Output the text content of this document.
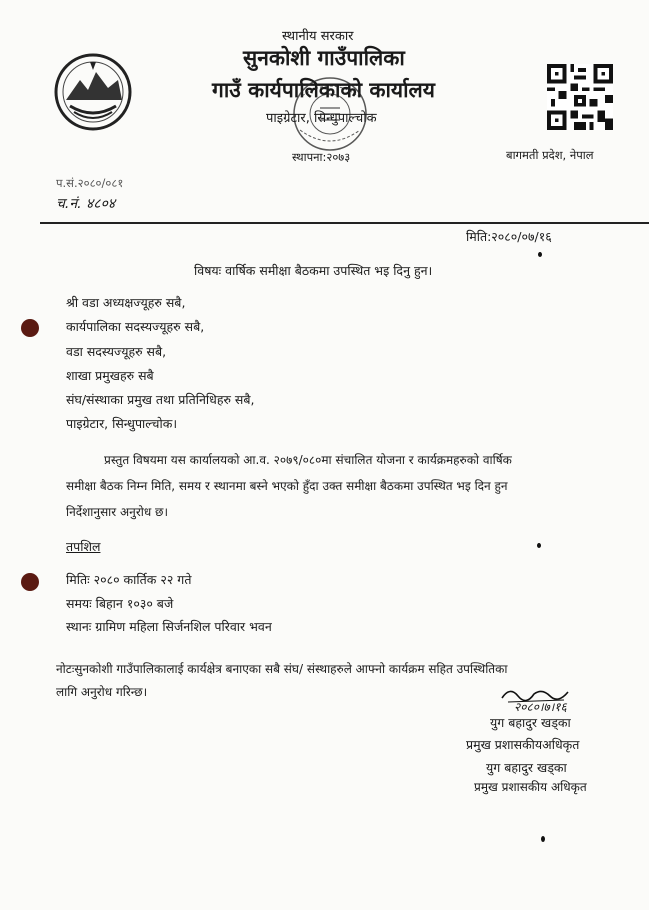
स्थानीय सरकार
सुनकोशी गाउँपालिका
गाउँ कार्यपालिकाको कार्यालय
पाइग्रेटार, सिन्धुपाल्चोक
स्थापना:२०७३	बागमती प्रदेश, नेपाल
प.सं.२०८०/०८१
च.नं. ४८०४
मिति:२०८०/०७/१६
विषयः वार्षिक समीक्षा बैठकमा उपस्थित भइ दिनु हुन।
श्री वडा अध्यक्षज्यूहरु सबै,
कार्यपालिका सदस्यज्यूहरु सबै,
वडा सदस्यज्यूहरु सबै,
शाखा प्रमुखहरु सबै
संघ/संस्थाका प्रमुख तथा प्रतिनिधिहरु सबै,
पाइग्रेटार, सिन्धुपाल्चोक।
प्रस्तुत विषयमा यस कार्यालयको आ.व. २०७९/०८०मा संचालित योजना र कार्यक्रमहरुको वार्षिक
समीक्षा बैठक निम्न मिति, समय र स्थानमा बस्ने भएको हुँदा उक्त समीक्षा बैठकमा उपस्थित भइ दिन हुन
निर्देशानुसार अनुरोध छ।
तपशिल
मितिः २०८० कार्तिक २२ गते
समयः बिहान १०३० बजे
स्थानः ग्रामिण महिला सिर्जनशिल परिवार भवन
नोटःसुनकोशी गाउँपालिकालाई कार्यक्षेत्र बनाएका सबै संघ/ संस्थाहरुले आफ्नो कार्यक्रम सहित उपस्थितिका
लागि अनुरोध गरिन्छ।
२०८०।७।१६
युग बहादुर खड्का
प्रमुख प्रशासकीयअधिकृत
युग बहादुर खड्का
प्रमुख प्रशासकीय अधिकृत
